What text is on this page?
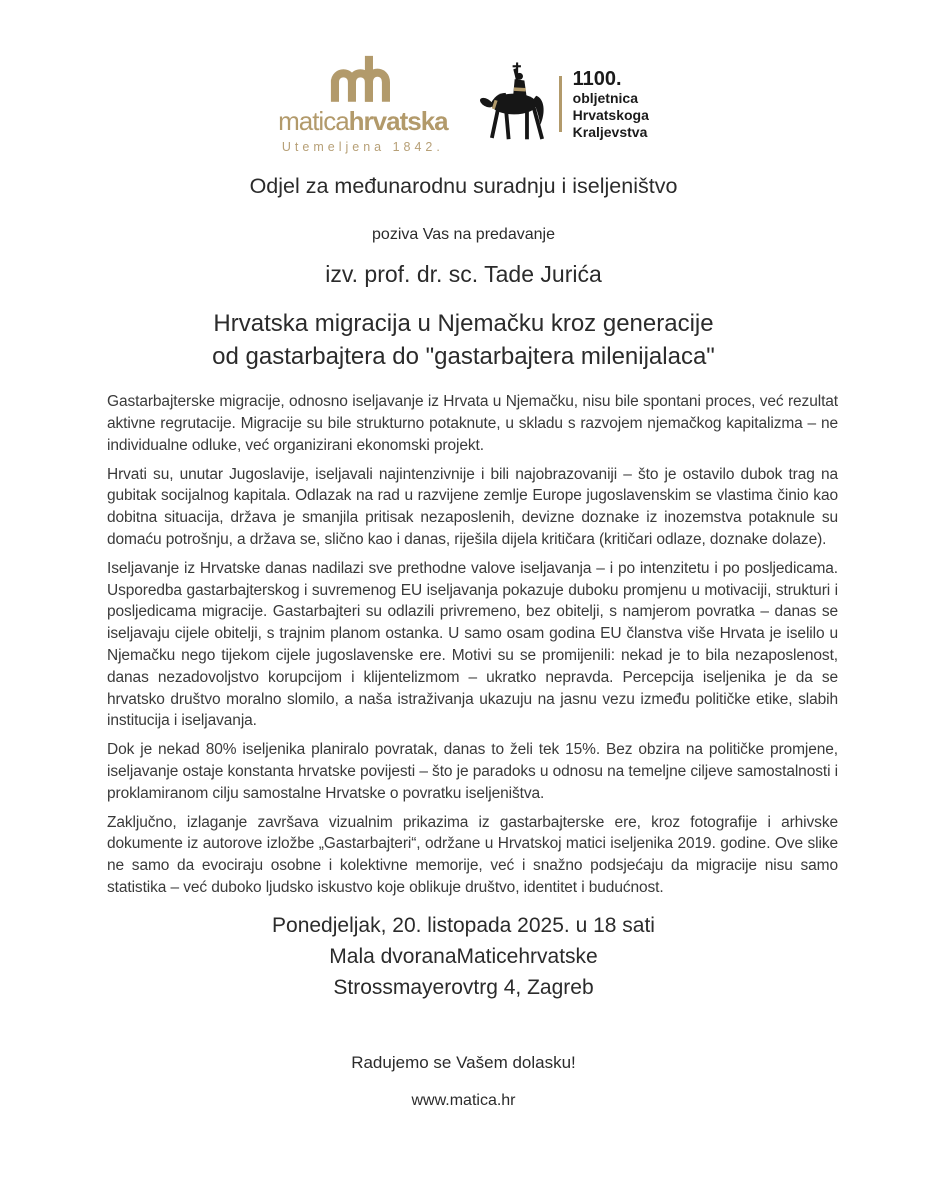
maticahrvatska
Utemeljena 1842.
1100.
obljetnica
Hrvatskoga
Kraljevstva
Odjel za međunarodnu suradnju i iseljeništvo
poziva Vas na predavanje
izv. prof. dr. sc. Tade Jurića
Hrvatska migracija u Njemačku kroz generacije
od gastarbajtera do "gastarbajtera milenijalaca"

Gastarbajterske migracije, odnosno iseljavanje iz Hrvata u Njemačku, nisu bile spontani proces, već rezultat aktivne regrutacije. Migracije su bile strukturno potaknute, u skladu s razvojem njemačkog kapitalizma – ne individualne odluke, već organizirani ekonomski projekt.

Hrvati su, unutar Jugoslavije, iseljavali najintenzivnije i bili najobrazovaniji – što je ostavilo dubok trag na gubitak socijalnog kapitala. Odlazak na rad u razvijene zemlje Europe jugoslavenskim se vlastima činio kao dobitna situacija, država je smanjila pritisak nezaposlenih, devizne doznake iz inozemstva potaknule su domaću potrošnju, a država se, slično kao i danas, riješila dijela kritičara (kritičari odlaze, doznake dolaze).

Iseljavanje iz Hrvatske danas nadilazi sve prethodne valove iseljavanja – i po intenzitetu i po posljedicama. Usporedba gastarbajterskog i suvremenog EU iseljavanja pokazuje duboku promjenu u motivaciji, strukturi i posljedicama migracije. Gastarbajteri su odlazili privremeno, bez obitelji, s namjerom povratka – danas se iseljavaju cijele obitelji, s trajnim planom ostanka. U samo osam godina EU članstva više Hrvata je iselilo u Njemačku nego tijekom cijele jugoslavenske ere. Motivi su se promijenili: nekad je to bila nezaposlenost, danas nezadovoljstvo korupcijom i klijentelizmom – ukratko nepravda. Percepcija iseljenika je da se hrvatsko društvo moralno slomilo, a naša istraživanja ukazuju na jasnu vezu između političke etike, slabih institucija i iseljavanja.

Dok je nekad 80% iseljenika planiralo povratak, danas to želi tek 15%. Bez obzira na političke promjene, iseljavanje ostaje konstanta hrvatske povijesti – što je paradoks u odnosu na temeljne ciljeve samostalnosti i proklamiranom cilju samostalne Hrvatske o povratku iseljeništva.

Zaključno, izlaganje završava vizualnim prikazima iz gastarbajterske ere, kroz fotografije i arhivske dokumente iz autorove izložbe „Gastarbajteri“, održane u Hrvatskoj matici iseljenika 2019. godine. Ove slike ne samo da evociraju osobne i kolektivne memorije, već i snažno podsjećaju da migracije nisu samo statistika – već duboko ljudsko iskustvo koje oblikuje društvo, identitet i budućnost.

Ponedjeljak, 20. listopada 2025. u 18 sati
Mala dvoranaMaticehrvatske
Strossmayerovtrg 4, Zagreb
Radujemo se Vašem dolasku!
www.matica.hr
